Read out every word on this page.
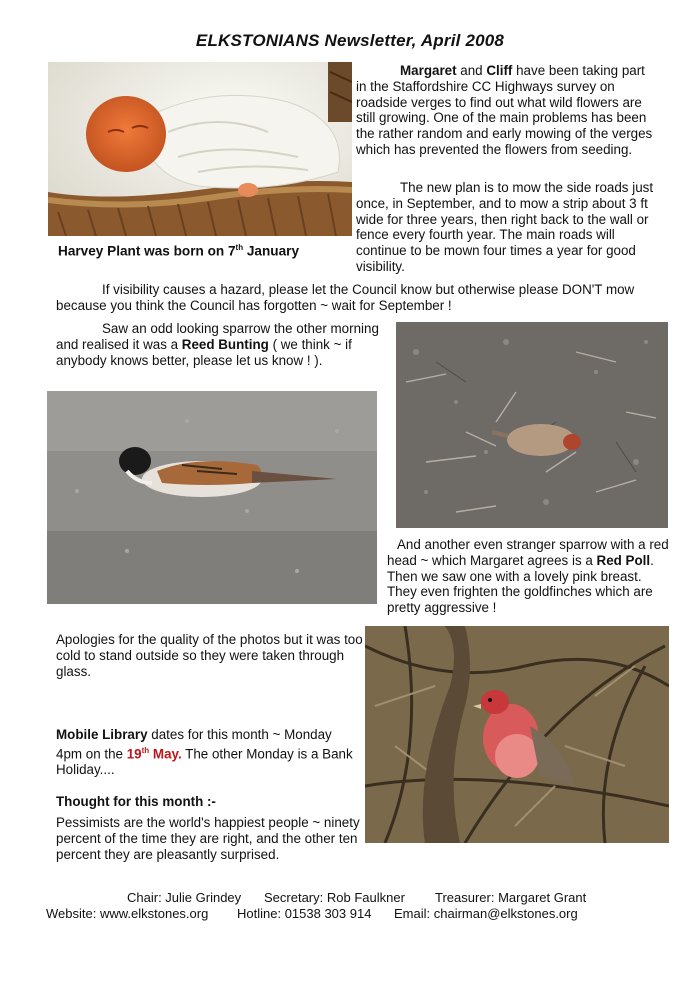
ELKSTONIANS Newsletter, April 2008
Harvey Plant was born on 7th January
Margaret and Cliff have been taking part in the Staffordshire CC Highways survey on roadside verges to find out what wild flowers are still growing. One of the main problems has been the rather random and early mowing of the verges which has prevented the flowers from seeding.
The new plan is to mow the side roads just once, in September, and to mow a strip about 3 ft wide for three years, then right back to the wall or fence every fourth year. The main roads will continue to be mown four times a year for good visibility.
If visibility causes a hazard, please let the Council know but otherwise please DON'T mow because you think the Council has forgotten ~ wait for September !
Saw an odd looking sparrow the other morning and realised it was a Reed Bunting ( we think ~ if anybody knows better, please let us know ! ).
And another even stranger sparrow with a red head ~ which Margaret agrees is a Red Poll. Then we saw one with a lovely pink breast. They even frighten the goldfinches which are pretty aggressive !
Apologies for the quality of the photos but it was too cold to stand outside so they were taken through glass.
Mobile Library dates for this month ~ Monday 4pm on the 19th May. The other Monday is a Bank Holiday....
Thought for this month :-
Pessimists are the world's happiest people ~ ninety percent of the time they are right, and the other ten percent they are pleasantly surprised.
Chair: Julie Grindey Secretary: Rob Faulkner Treasurer: Margaret Grant
Website: www.elkstones.org Hotline: 01538 303 914 Email: chairman@elkstones.org
